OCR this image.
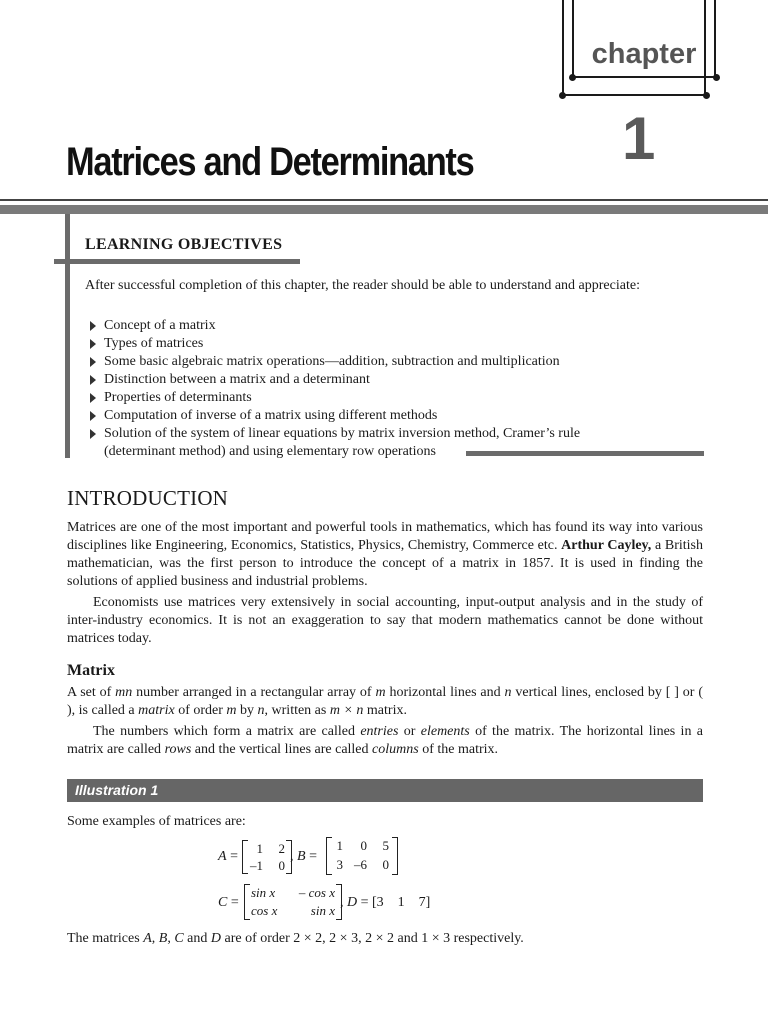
chapter
1
Matrices and Determinants
LEARNING OBJECTIVES
After successful completion of this chapter, the reader should be able to understand and appreciate:
Concept of a matrix
Types of matrices
Some basic algebraic matrix operations—addition, subtraction and multiplication
Distinction between a matrix and a determinant
Properties of determinants
Computation of inverse of a matrix using different methods
Solution of the system of linear equations by matrix inversion method, Cramer’s rule (determinant method) and using elementary row operations
INTRODUCTION
Matrices are one of the most important and powerful tools in mathematics, which has found its way into various disciplines like Engineering, Economics, Statistics, Physics, Chemistry, Commerce etc. Arthur Cayley, a British mathematician, was the first person to introduce the concept of a matrix in 1857. It is used in finding the solutions of applied business and industrial problems.
Economists use matrices very extensively in social accounting, input-output analysis and in the study of inter-industry economics. It is not an exaggeration to say that modern mathematics cannot be done without matrices today.
Matrix
A set of mn number arranged in a rectangular array of m horizontal lines and n vertical lines, enclosed by [ ] or ( ), is called a matrix of order m by n, written as m × n matrix.
The numbers which form a matrix are called entries or elements of the matrix. The horizontal lines in a matrix are called rows and the vertical lines are called columns of the matrix.
Illustration 1
Some examples of matrices are:
A =
1	2
–1	0
, B =
1	0	5
3 –6	0
C =
sin x	– cos x
cos x	sin x
, D = [3    1    7]
The matrices A, B, C and D are of order 2 × 2, 2 × 3, 2 × 2 and 1 × 3 respectively.
